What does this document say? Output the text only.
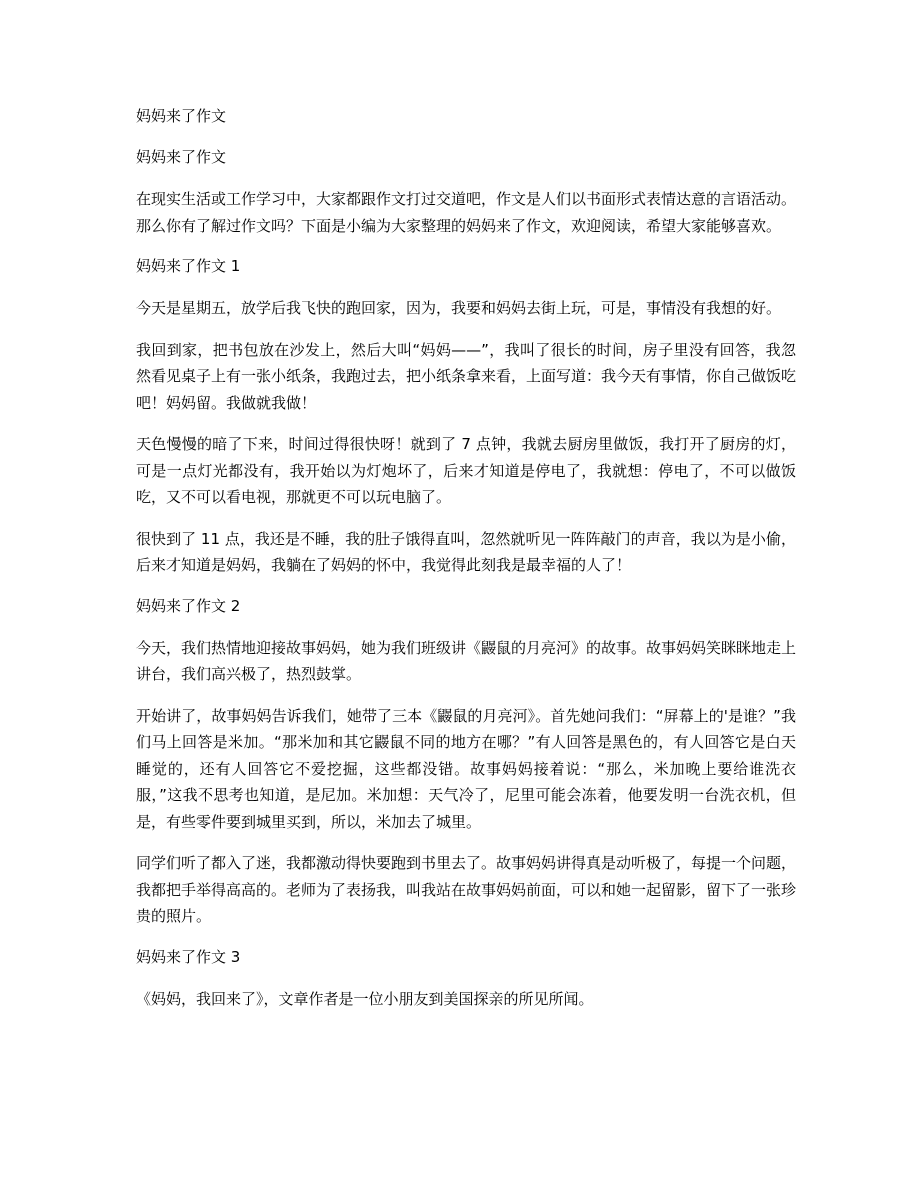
妈妈来了作文
妈妈来了作文

在现实生活或工作学习中，大家都跟作文打过交道吧，作文是人们以书面形式表情达意的言语活动。那么你有了解过作文吗？下面是小编为大家整理的妈妈来了作文，欢迎阅读，希望大家能够喜欢。

妈妈来了作文 1

今天是星期五，放学后我飞快的跑回家，因为，我要和妈妈去街上玩，可是，事情没有我想的好。

我回到家，把书包放在沙发上，然后大叫“妈妈——”，我叫了很长的时间，房子里没有回答，我忽然看见桌子上有一张小纸条，我跑过去，把小纸条拿来看，上面写道：我今天有事情，你自己做饭吃吧！妈妈留。我做就我做！

天色慢慢的暗了下来，时间过得很快呀！就到了 7 点钟，我就去厨房里做饭，我打开了厨房的灯，可是一点灯光都没有，我开始以为灯炮坏了，后来才知道是停电了，我就想：停电了，不可以做饭吃，又不可以看电视，那就更不可以玩电脑了。

很快到了 11 点，我还是不睡，我的肚子饿得直叫，忽然就听见一阵阵敲门的声音，我以为是小偷，后来才知道是妈妈，我躺在了妈妈的怀中，我觉得此刻我是最幸福的人了！

妈妈来了作文 2

今天，我们热情地迎接故事妈妈，她为我们班级讲《鼹鼠的月亮河》的故事。故事妈妈笑眯眯地走上讲台，我们高兴极了，热烈鼓掌。

开始讲了，故事妈妈告诉我们，她带了三本《鼹鼠的月亮河》。首先她问我们：“屏幕上的'是谁？”我们马上回答是米加。“那米加和其它鼹鼠不同的地方在哪？”有人回答是黑色的，有人回答它是白天睡觉的，还有人回答它不爱挖掘，这些都没错。故事妈妈接着说：“那么，米加晚上要给谁洗衣服，”这我不思考也知道，是尼加。米加想：天气冷了，尼里可能会冻着，他要发明一台洗衣机，但是，有些零件要到城里买到，所以，米加去了城里。

同学们听了都入了迷，我都激动得快要跑到书里去了。故事妈妈讲得真是动听极了，每提一个问题，我都把手举得高高的。老师为了表扬我，叫我站在故事妈妈前面，可以和她一起留影，留下了一张珍贵的照片。

妈妈来了作文 3

《妈妈，我回来了》，文章作者是一位小朋友到美国探亲的所见所闻。
